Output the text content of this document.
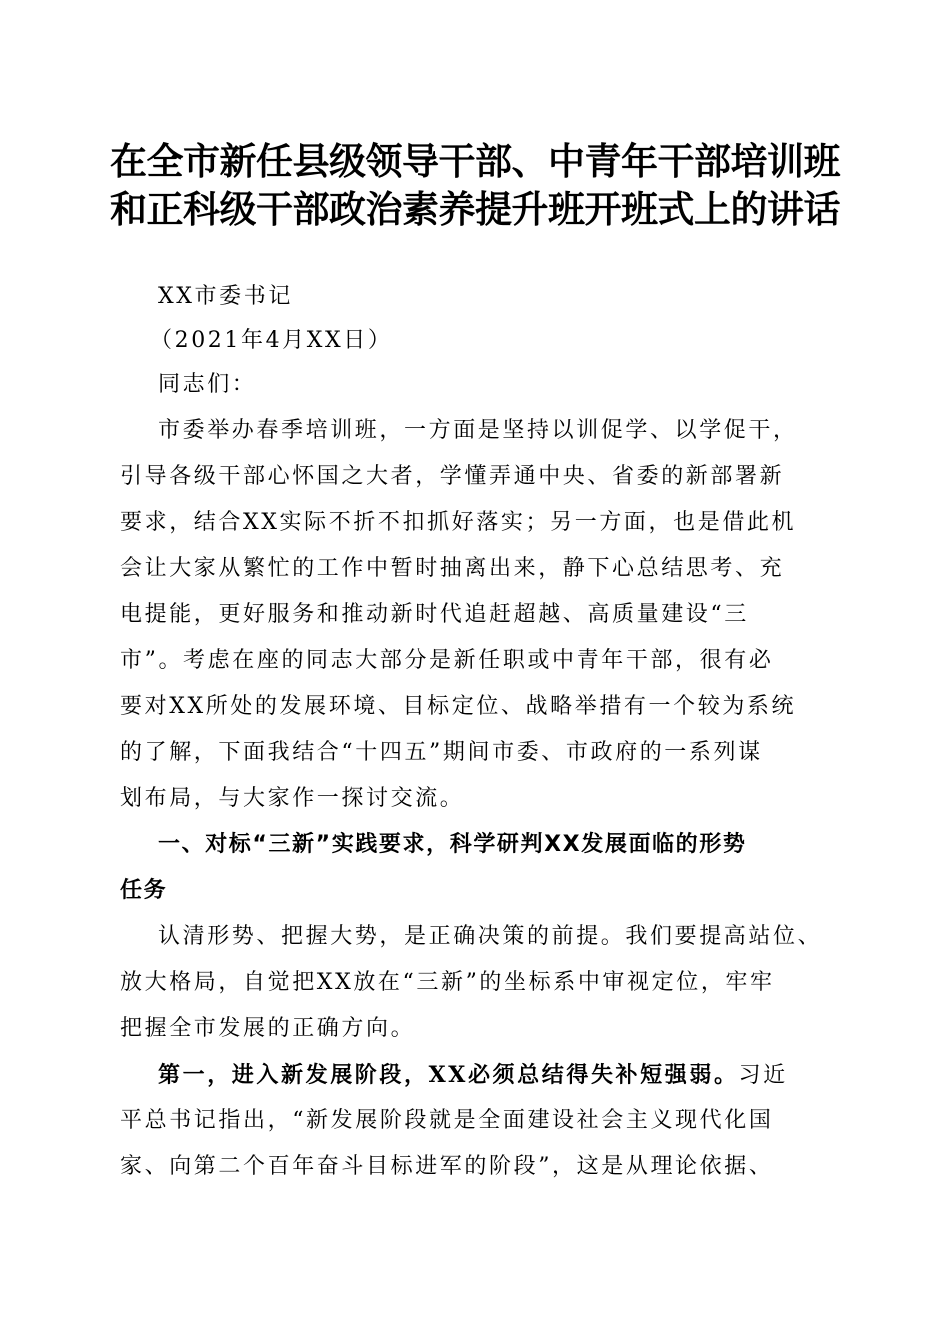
在全市新任县级领导干部、中青年干部培训班
和正科级干部政治素养提升班开班式上的讲话
XX市委书记
（2021年4月XX日）
同志们：
市委举办春季培训班，一方面是坚持以训促学、以学促干，
引导各级干部心怀国之大者，学懂弄通中央、省委的新部署新
要求，结合XX实际不折不扣抓好落实；另一方面，也是借此机
会让大家从繁忙的工作中暂时抽离出来，静下心总结思考、充
电提能，更好服务和推动新时代追赶超越、高质量建设“三
市”。考虑在座的同志大部分是新任职或中青年干部，很有必
要对XX所处的发展环境、目标定位、战略举措有一个较为系统
的了解，下面我结合“十四五”期间市委、市政府的一系列谋
划布局，与大家作一探讨交流。
一、对标“三新”实践要求，科学研判XX发展面临的形势
任务
认清形势、把握大势，是正确决策的前提。我们要提高站位、
放大格局，自觉把XX放在“三新”的坐标系中审视定位，牢牢
把握全市发展的正确方向。
第一，进入新发展阶段，XX必须总结得失补短强弱。习近
平总书记指出，“新发展阶段就是全面建设社会主义现代化国
家、向第二个百年奋斗目标进军的阶段”，这是从理论依据、
